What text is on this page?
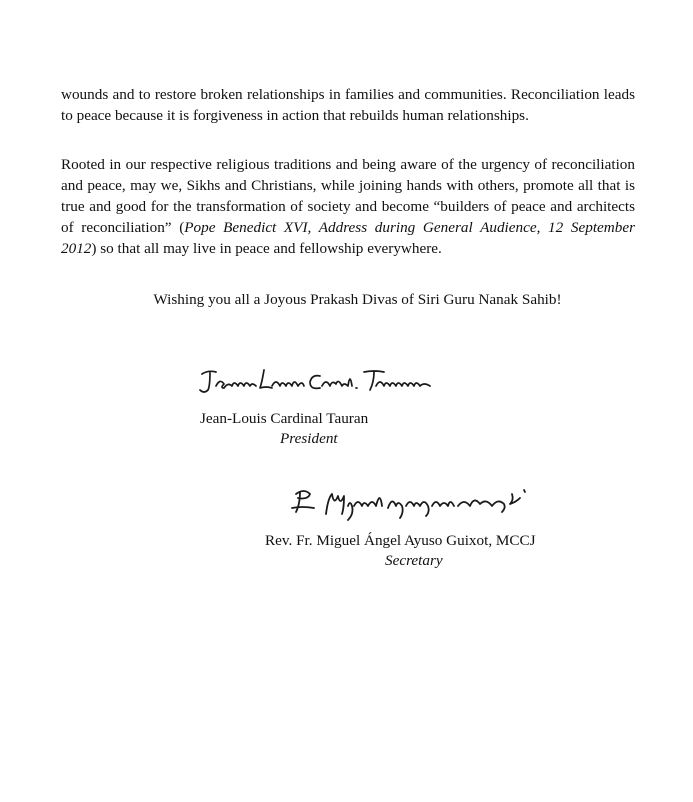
wounds and to restore broken relationships in families and communities. Reconciliation leads to peace because it is forgiveness in action that rebuilds human relationships.

Rooted in our respective religious traditions and being aware of the urgency of reconciliation and peace, may we, Sikhs and Christians, while joining hands with others, promote all that is true and good for the transformation of society and become “builders of peace and architects of reconciliation” (Pope Benedict XVI, Address during General Audience, 12 September 2012) so that all may live in peace and fellowship everywhere.

Wishing you all a Joyous Prakash Divas of Siri Guru Nanak Sahib!
Jean-Louis Cardinal Tauran
President
Rev. Fr. Miguel Ángel Ayuso Guixot, MCCJ
Secretary
